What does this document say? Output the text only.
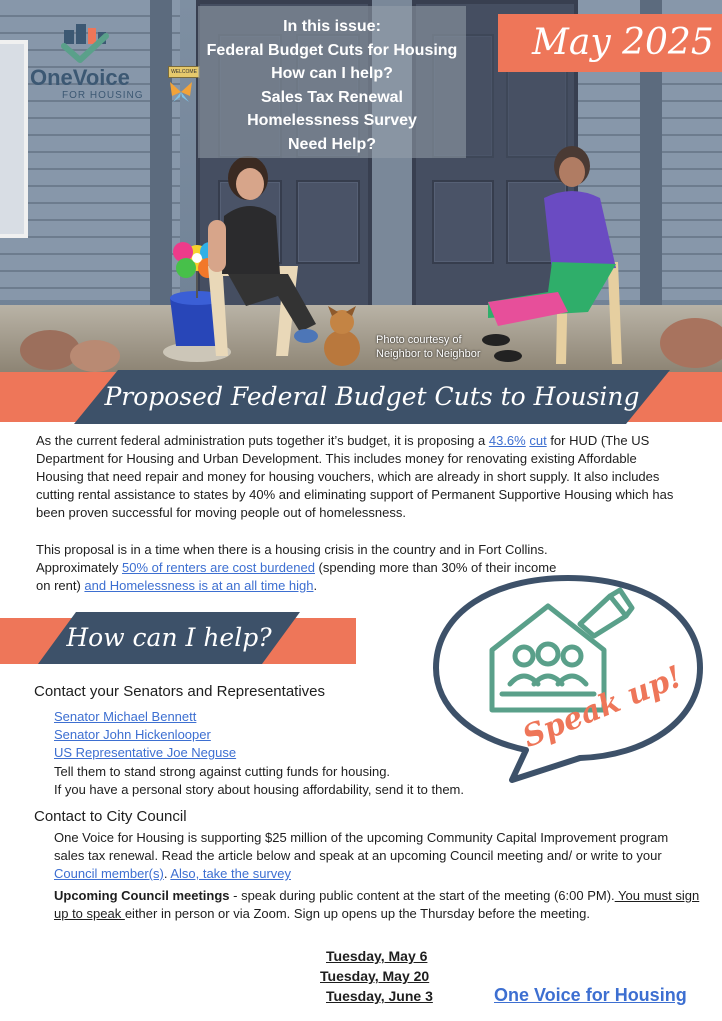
WELCOME
In this issue:
Federal Budget Cuts for Housing
How can I help?
Sales Tax Renewal
Homelessness Survey
Need Help?
OneVoice
FOR HOUSING
May 2025
Photo courtesy of
Neighbor to Neighbor
Proposed Federal Budget Cuts to Housing
As the current federal administration puts together it’s budget, it is proposing a 43.6% cut for HUD (The US Department for Housing and Urban Development. This includes money for renovating existing Affordable Housing that need repair and money for housing vouchers, which are already in short supply. It also includes cutting rental assistance to states by 40% and eliminating support of Permanent Supportive Housing which has been proven successful for moving people out of homelessness.
This proposal is in a time when there is a housing crisis in the country and in Fort Collins. Approximately 50% of renters are cost burdened (spending more than 30% of their income on rent) and Homelessness is at an all time high.
How can I help?
Speak up!
Contact your Senators and Representatives
Senator Michael Bennett
Senator John Hickenlooper
US Representative Joe Neguse
Tell them to stand strong against cutting funds for housing.
If you have a personal story about housing affordability, send it to them.
Contact to City Council
One Voice for Housing is supporting $25 million of the upcoming Community Capital Improvement program sales tax renewal. Read the article below and speak at an upcoming Council meeting and/ or write to your Council member(s). Also, take the survey
Upcoming Council meetings - speak during public content at the start of the meeting (6:00 PM). You must sign up to speak either in person or via Zoom. Sign up opens up the Thursday before the meeting.
Tuesday, May 6
Tuesday, May 20
Tuesday, June 3	One Voice for Housing
